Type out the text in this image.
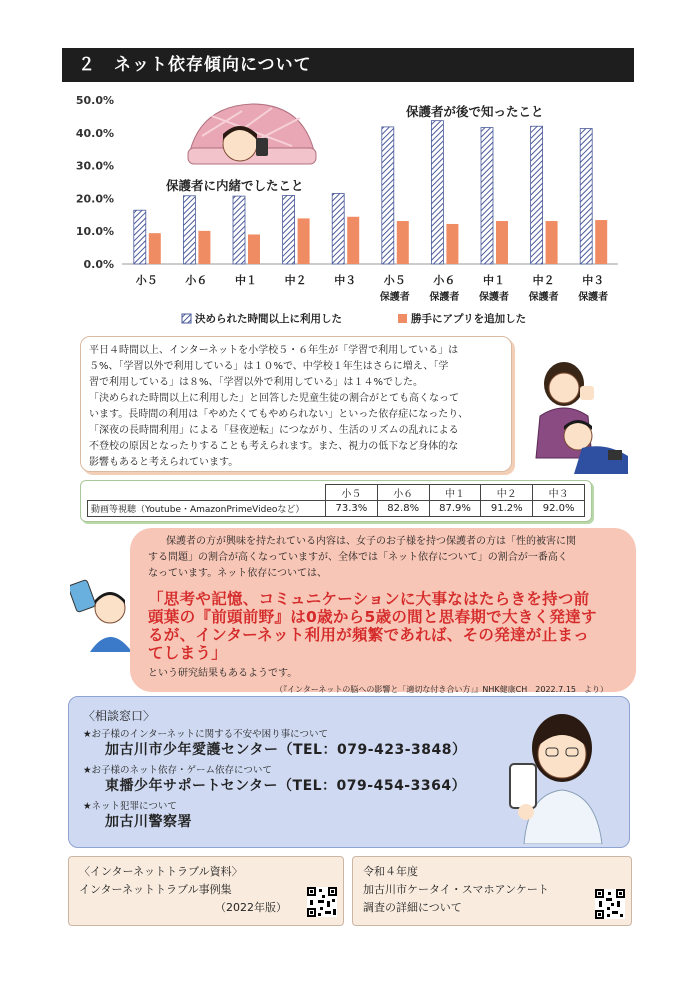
２　ネット依存傾向について
0.0%
10.0%
20.0%
30.0%
40.0%
50.0%
小５	小６	中１	中２	中３	小５
保護者
小６
保護者
中１
保護者
中２
保護者
中３
保護者
決められた時間以上に利用した	勝手にアプリを追加した
保護者に内緒でしたこと
保護者が後で知ったこと

平日４時間以上、インターネットを小学校５・６年生が「学習で利用している」は

５%、「学習以外で利用している」は１０%で、中学校１年生はさらに増え、「学

習で利用している」は８%、「学習以外で利用している」は１４%でした。

「決められた時間以上に利用した」と回答した児童生徒の割合がとても高くなって

います。長時間の利用は「やめたくてもやめられない」といった依存症になったり、

「深夜の長時間利用」による「昼夜逆転」につながり、生活のリズムの乱れによる

不登校の原因となったりすることも考えられます。また、視力の低下など身体的な

影響もあると考えられています。

	小５	小６	中１	中２	中３
動画等視聴（Youtube・AmazonPrimeVideoなど）	73.3%	82.8%	87.9%	91.2%	92.0%
保護者の方が興味を持たれている内容は、女子のお子様を持つ保護者の方は「性的被害に関
する問題」の割合が高くなっていますが、全体では「ネット依存について」の割合が一番高く
なっています。ネット依存については、
「思考や記憶、コミュニケーションに大事なはたらきを持つ前
頭葉の『前頭前野』は0歳から5歳の間と思春期で大きく発達す
るが、インターネット利用が頻繁であれば、その発達が止まっ
てしまう」
という研究結果もあるようです。
（『インターネットの脳への影響と「適切な付き合い方」』NHK健康CH　2022.7.15　より）
〈相談窓口〉
★お子様のインターネットに関する不安や困り事について
加古川市少年愛護センター（TEL：079-423-3848）
★お子様のネット依存・ゲーム依存について
東播少年サポートセンター（TEL：079-454-3364）
★ネット犯罪について
加古川警察署
〈インターネットトラブル資料〉
インターネットトラブル事例集
（2022年版）
令和４年度
加古川市ケータイ・スマホアンケート
調査の詳細について
